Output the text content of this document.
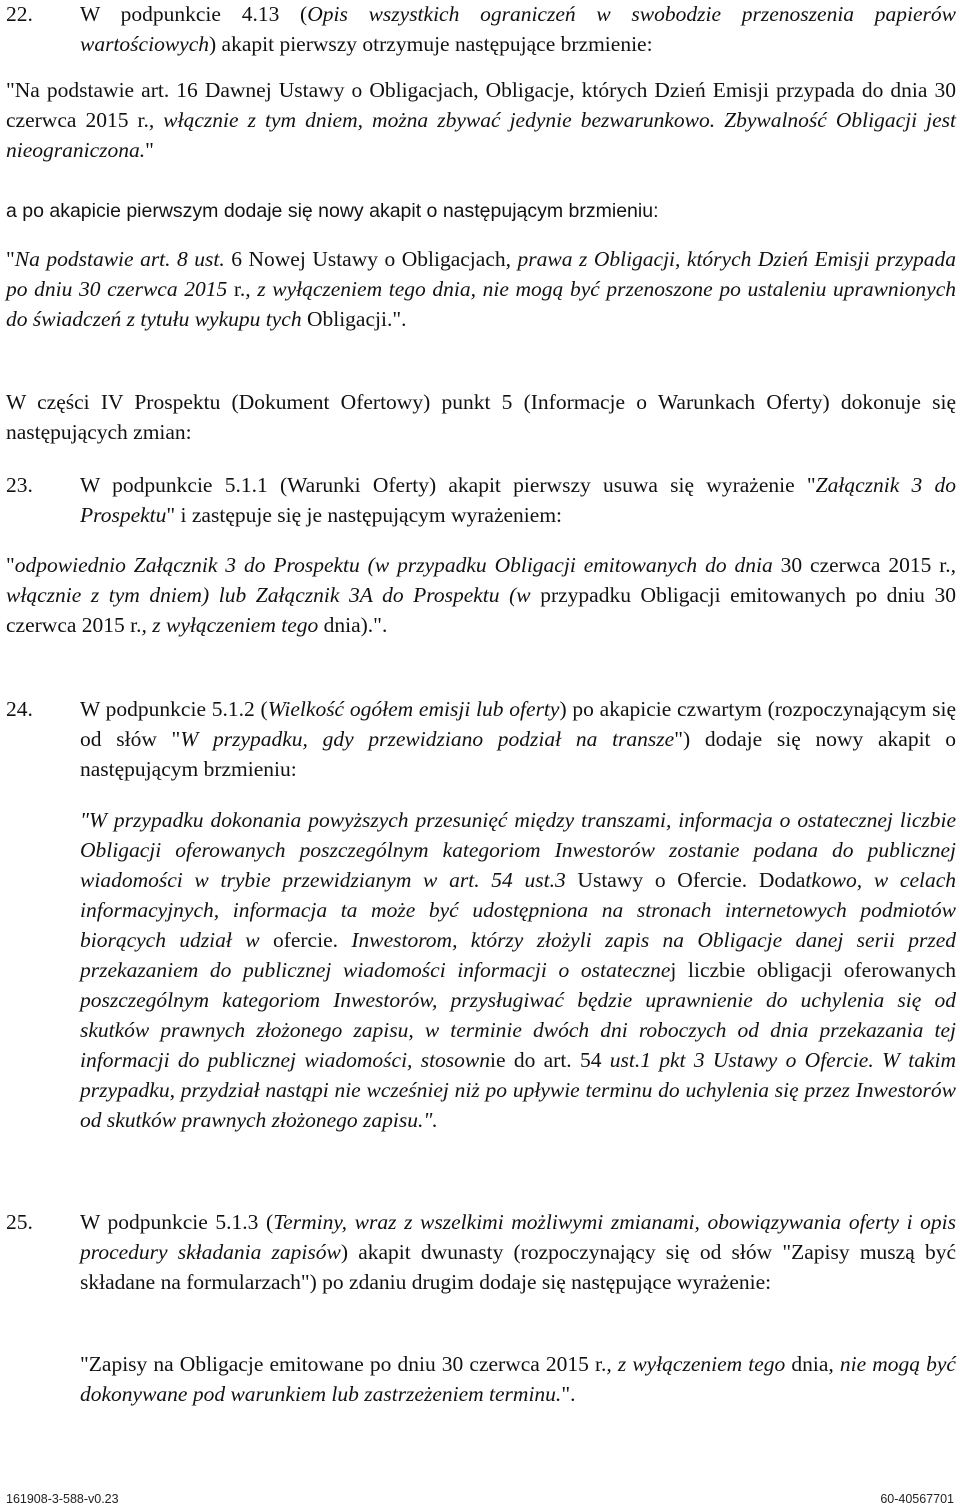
22.	W podpunkcie 4.13 (Opis wszystkich ograniczeń w swobodzie przenoszenia papierów wartościowych) akapit pierwszy otrzymuje następujące brzmienie:
"Na podstawie art. 16 Dawnej Ustawy o Obligacjach, Obligacje, których Dzień Emisji przypada do dnia 30 czerwca 2015 r., włącznie z tym dniem, można zbywać jedynie bezwarunkowo. Zbywalność Obligacji jest nieograniczona."
a po akapicie pierwszym dodaje się nowy akapit o następującym brzmieniu:
"Na podstawie art. 8 ust. 6 Nowej Ustawy o Obligacjach, prawa z Obligacji, których Dzień Emisji przypada po dniu 30 czerwca 2015 r., z wyłączeniem tego dnia, nie mogą być przenoszone po ustaleniu uprawnionych do świadczeń z tytułu wykupu tych Obligacji.".
W części IV Prospektu (Dokument Ofertowy) punkt 5 (Informacje o Warunkach Oferty) dokonuje się następujących zmian:
23.	W podpunkcie 5.1.1 (Warunki Oferty) akapit pierwszy usuwa się wyrażenie "Załącznik 3 do Prospektu" i zastępuje się je następującym wyrażeniem:
"odpowiednio Załącznik 3 do Prospektu (w przypadku Obligacji emitowanych do dnia 30 czerwca 2015 r., włącznie z tym dniem) lub Załącznik 3A do Prospektu (w przypadku Obligacji emitowanych po dniu 30 czerwca 2015 r., z wyłączeniem tego dnia).".
24.	W podpunkcie 5.1.2 (Wielkość ogółem emisji lub oferty) po akapicie czwartym (rozpoczynającym się od słów "W przypadku, gdy przewidziano podział na transze") dodaje się nowy akapit o następującym brzmieniu:
"W przypadku dokonania powyższych przesunięć między transzami, informacja o ostatecznej liczbie Obligacji oferowanych poszczególnym kategoriom Inwestorów zostanie podana do publicznej wiadomości w trybie przewidzianym w art. 54 ust.3 Ustawy o Ofercie. Dodatkowo, w celach informacyjnych, informacja ta może być udostępniona na stronach internetowych podmiotów biorących udział w ofercie. Inwestorom, którzy złożyli zapis na Obligacje danej serii przed przekazaniem do publicznej wiadomości informacji o ostatecznej liczbie obligacji oferowanych poszczególnym kategoriom Inwestorów, przysługiwać będzie uprawnienie do uchylenia się od skutków prawnych złożonego zapisu, w terminie dwóch dni roboczych od dnia przekazania tej informacji do publicznej wiadomości, stosownie do art. 54 ust.1 pkt 3 Ustawy o Ofercie. W takim przypadku, przydział nastąpi nie wcześniej niż po upływie terminu do uchylenia się przez Inwestorów od skutków prawnych złożonego zapisu.".
25.	W podpunkcie 5.1.3 (Terminy, wraz z wszelkimi możliwymi zmianami, obowiązywania oferty i opis procedury składania zapisów) akapit dwunasty (rozpoczynający się od słów "Zapisy muszą być składane na formularzach") po zdaniu drugim dodaje się następujące wyrażenie:
"Zapisy na Obligacje emitowane po dniu 30 czerwca 2015 r., z wyłączeniem tego dnia, nie mogą być dokonywane pod warunkiem lub zastrzeżeniem terminu.".
161908-3-588-v0.23	60-40567701
